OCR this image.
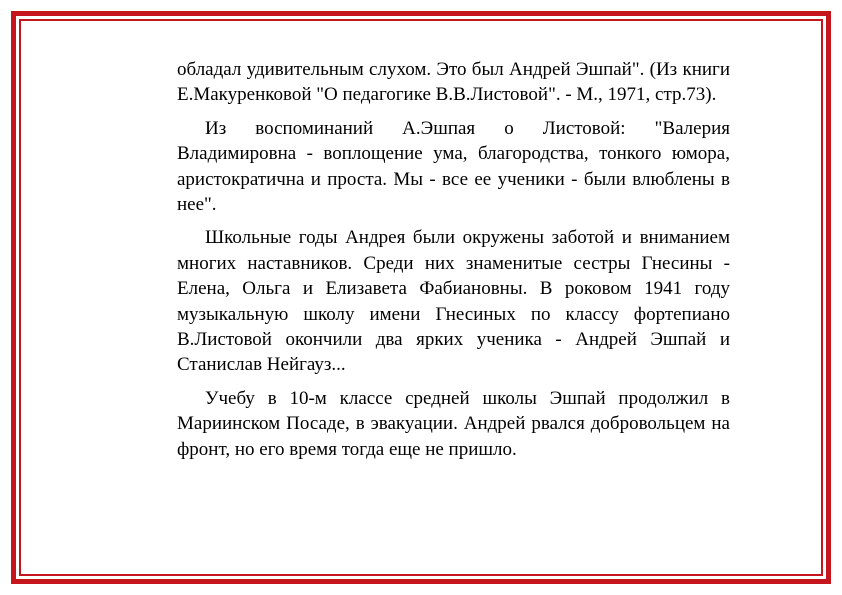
обладал удивительным слухом. Это был Андрей Эшпай". (Из книги Е.Макуренковой "О педагогике В.В.Листовой". - М., 1971, стр.73).

Из воспоминаний А.Эшпая о Листовой: "Валерия Владимировна - воплощение ума, благородства, тонкого юмора, аристократична и проста. Мы - все ее ученики - были влюблены в нее".

Школьные годы Андрея были окружены заботой и вниманием многих наставников. Среди них знаменитые сестры Гнесины - Елена, Ольга и Елизавета Фабиановны. В роковом 1941 году музыкальную школу имени Гнесиных по классу фортепиано В.Листовой окончили два ярких ученика - Андрей Эшпай и Станислав Нейгауз...

Учебу в 10-м классе средней школы Эшпай продолжил в Мариинском Посаде, в эвакуации. Андрей рвался добровольцем на фронт, но его время тогда еще не пришло.
